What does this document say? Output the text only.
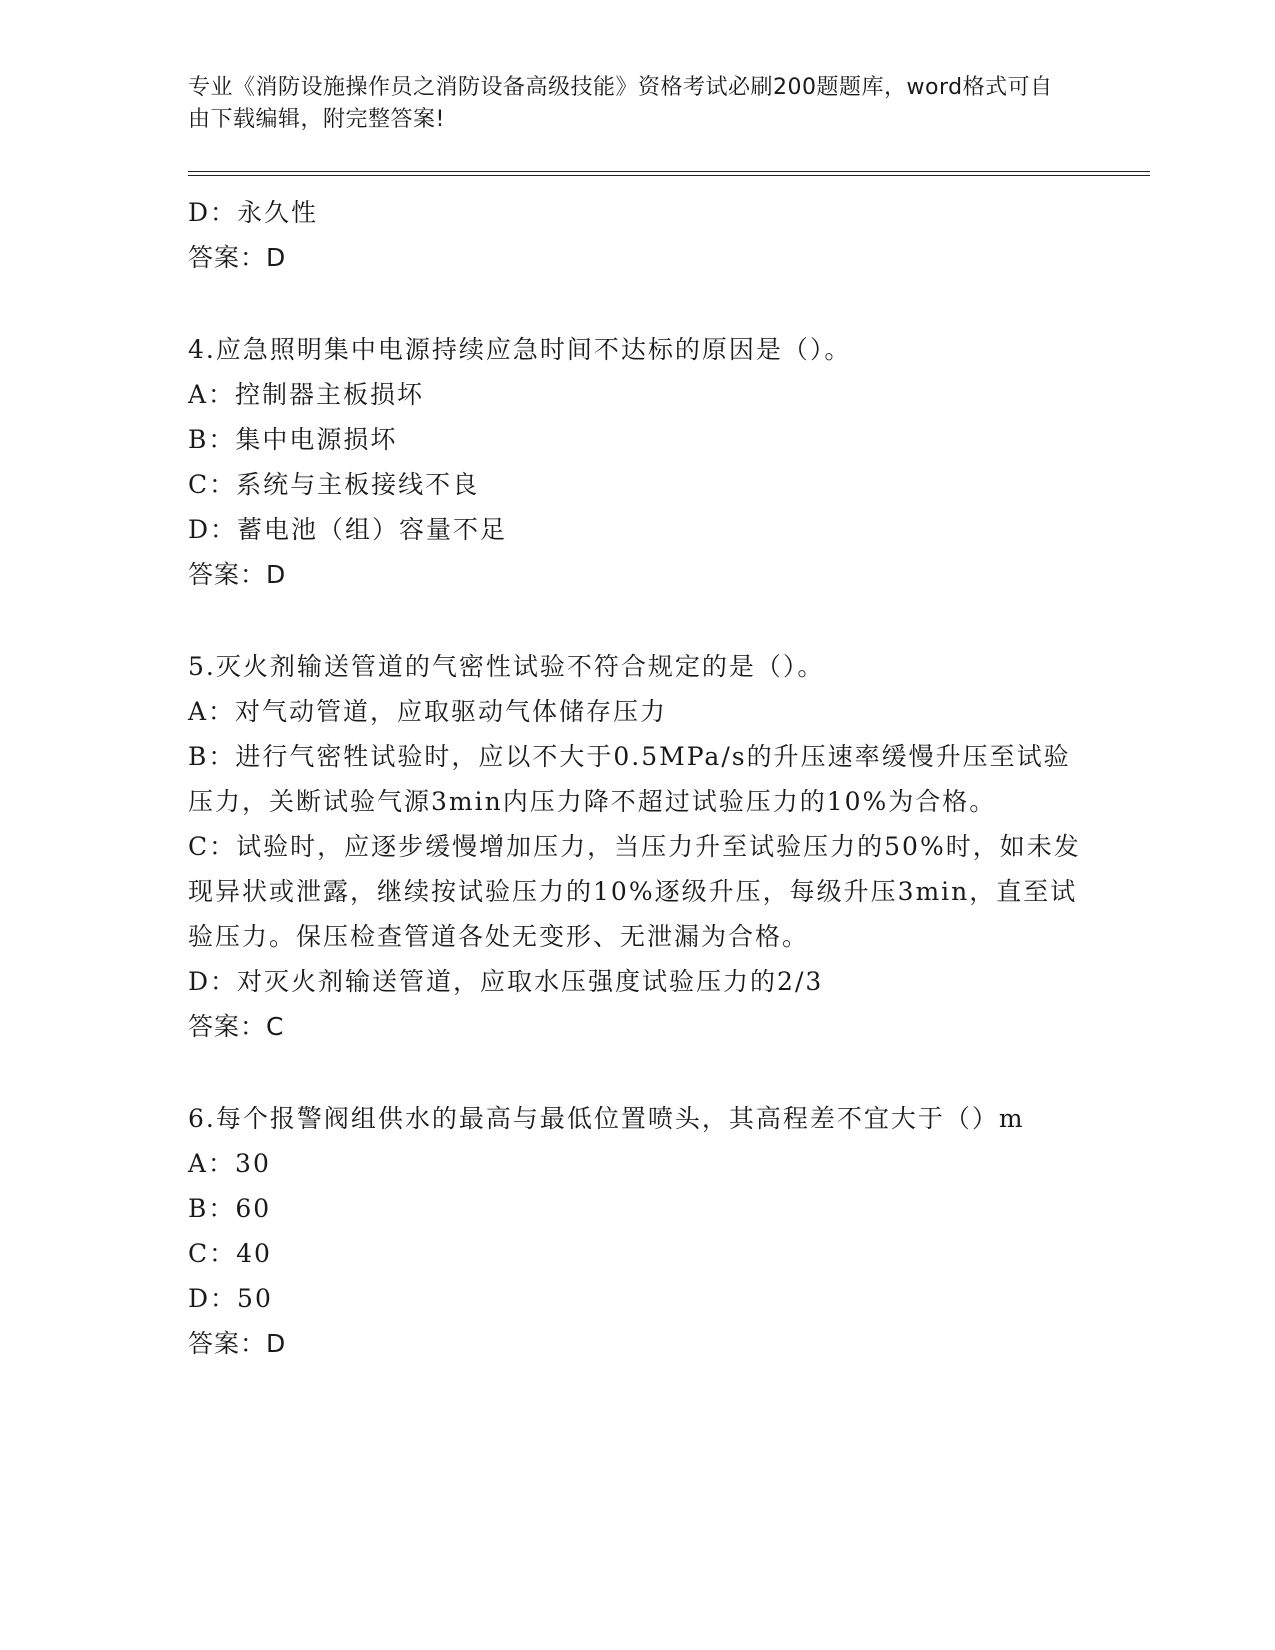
专业《消防设施操作员之消防设备高级技能》资格考试必刷200题题库，word格式可自由下载编辑，附完整答案!

D：永久性

答案：D

4.应急照明集中电源持续应急时间不达标的原因是（）。

A：控制器主板损坏

B：集中电源损坏

C：系统与主板接线不良

D：蓄电池（组）容量不足

答案：D

5.灭火剂输送管道的气密性试验不符合规定的是（）。

A：对气动管道，应取驱动气体储存压力

B：进行气密牲试验时，应以不大于0.5MPa/s的升压速率缓慢升压至试验压力，关断试验气源3min内压力降不超过试验压力的10%为合格。

C：试验时，应逐步缓慢增加压力，当压力升至试验压力的50%时，如未发现异状或泄露，继续按试验压力的10%逐级升压，每级升压3min，直至试验压力。保压检查管道各处无变形、无泄漏为合格。

D：对灭火剂输送管道，应取水压强度试验压力的2/3

答案：C

6.每个报警阀组供水的最高与最低位置喷头，其高程差不宜大于（）m

A：30

B：60

C：40

D：50

答案：D
